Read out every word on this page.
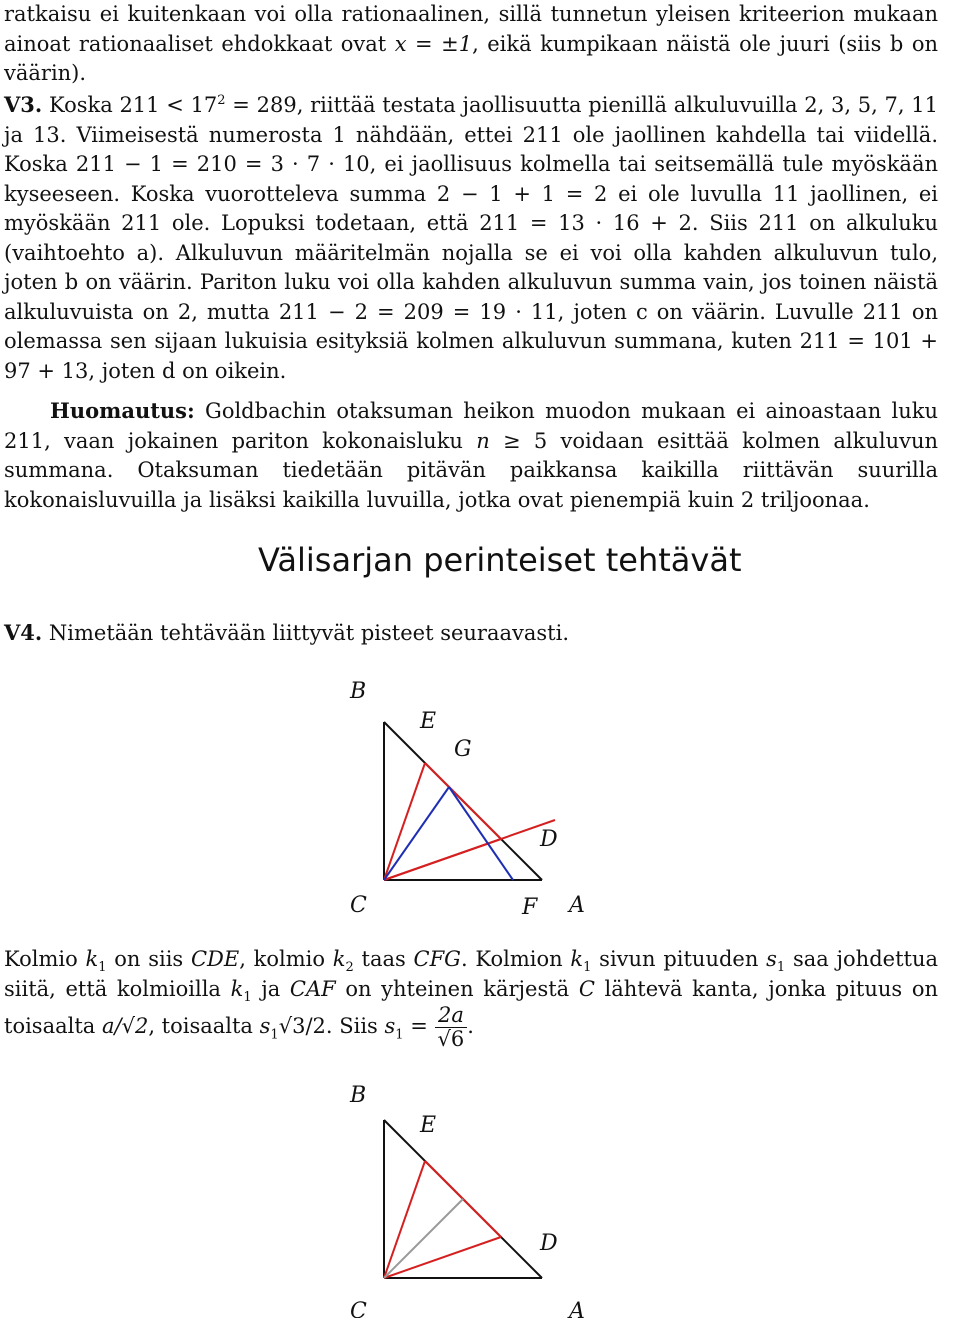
ratkaisu ei kuitenkaan voi olla rationaalinen, sillä tunnetun yleisen kriteerion mukaan ainoat rationaaliset ehdokkaat ovat x = ±1, eikä kumpikaan näistä ole juuri (siis b on väärin).

V3. Koska $211 < 17^2 = 289$, riittää testata jaollisuutta pienillä alkuluvuilla 2, 3, 5, 7, 11 ja 13. Viimeisestä numerosta 1 nähdään, ettei 211 ole jaollinen kahdella tai viidellä. Koska 211 − 1 = 210 = 3 · 7 · 10, ei jaollisuus kolmella tai seitsemällä tule myöskään kyseeseen. Koska vuorotteleva summa 2 − 1 + 1 = 2 ei ole luvulla 11 jaollinen, ei myöskään 211 ole. Lopuksi todetaan, että 211 = 13 · 16 + 2. Siis 211 on alkuluku (vaihtoehto a). Alkuluvun määritelmän nojalla se ei voi olla kahden alkuluvun tulo, joten b on väärin. Pariton luku voi olla kahden alkuluvun summa vain, jos toinen näistä alkuluvuista on 2, mutta 211 − 2 = 209 = 19 · 11, joten c on väärin. Luvulle 211 on olemassa sen sijaan lukuisia esityksiä kolmen alkuluvun summana, kuten 211 = 101 + 97 + 13, joten d on oikein.

Huomautus: Goldbachin otaksuman heikon muodon mukaan ei ainoastaan luku 211, vaan jokainen pariton kokonaisluku n ≥ 5 voidaan esittää kolmen alkuluvun summana. Otaksuman tiedetään pitävän paikkansa kaikilla riittävän suurilla kokonaisluvuilla ja lisäksi kaikilla luvuilla, jotka ovat pienempiä kuin 2 triljoonaa.

Välisarjan perinteiset tehtävät

V4. Nimetään tehtävään liittyvät pisteet seuraavasti.

B
E
G
D
C	F A

Kolmio $k_1$ on siis CDE, kolmio $k_2$ taas CFG. Kolmion $k_1$ sivun pituuden $s_1$ saa johdettua siitä, että kolmioilla $k_1$ ja CAF on yhteinen kärjestä C lähtevä kanta, jonka pituus on toisaalta a/√2, toisaalta $s_1√3/2$. Siis $s_1 = \frac{2a}{√6}$ .

B
E
D
C	A
